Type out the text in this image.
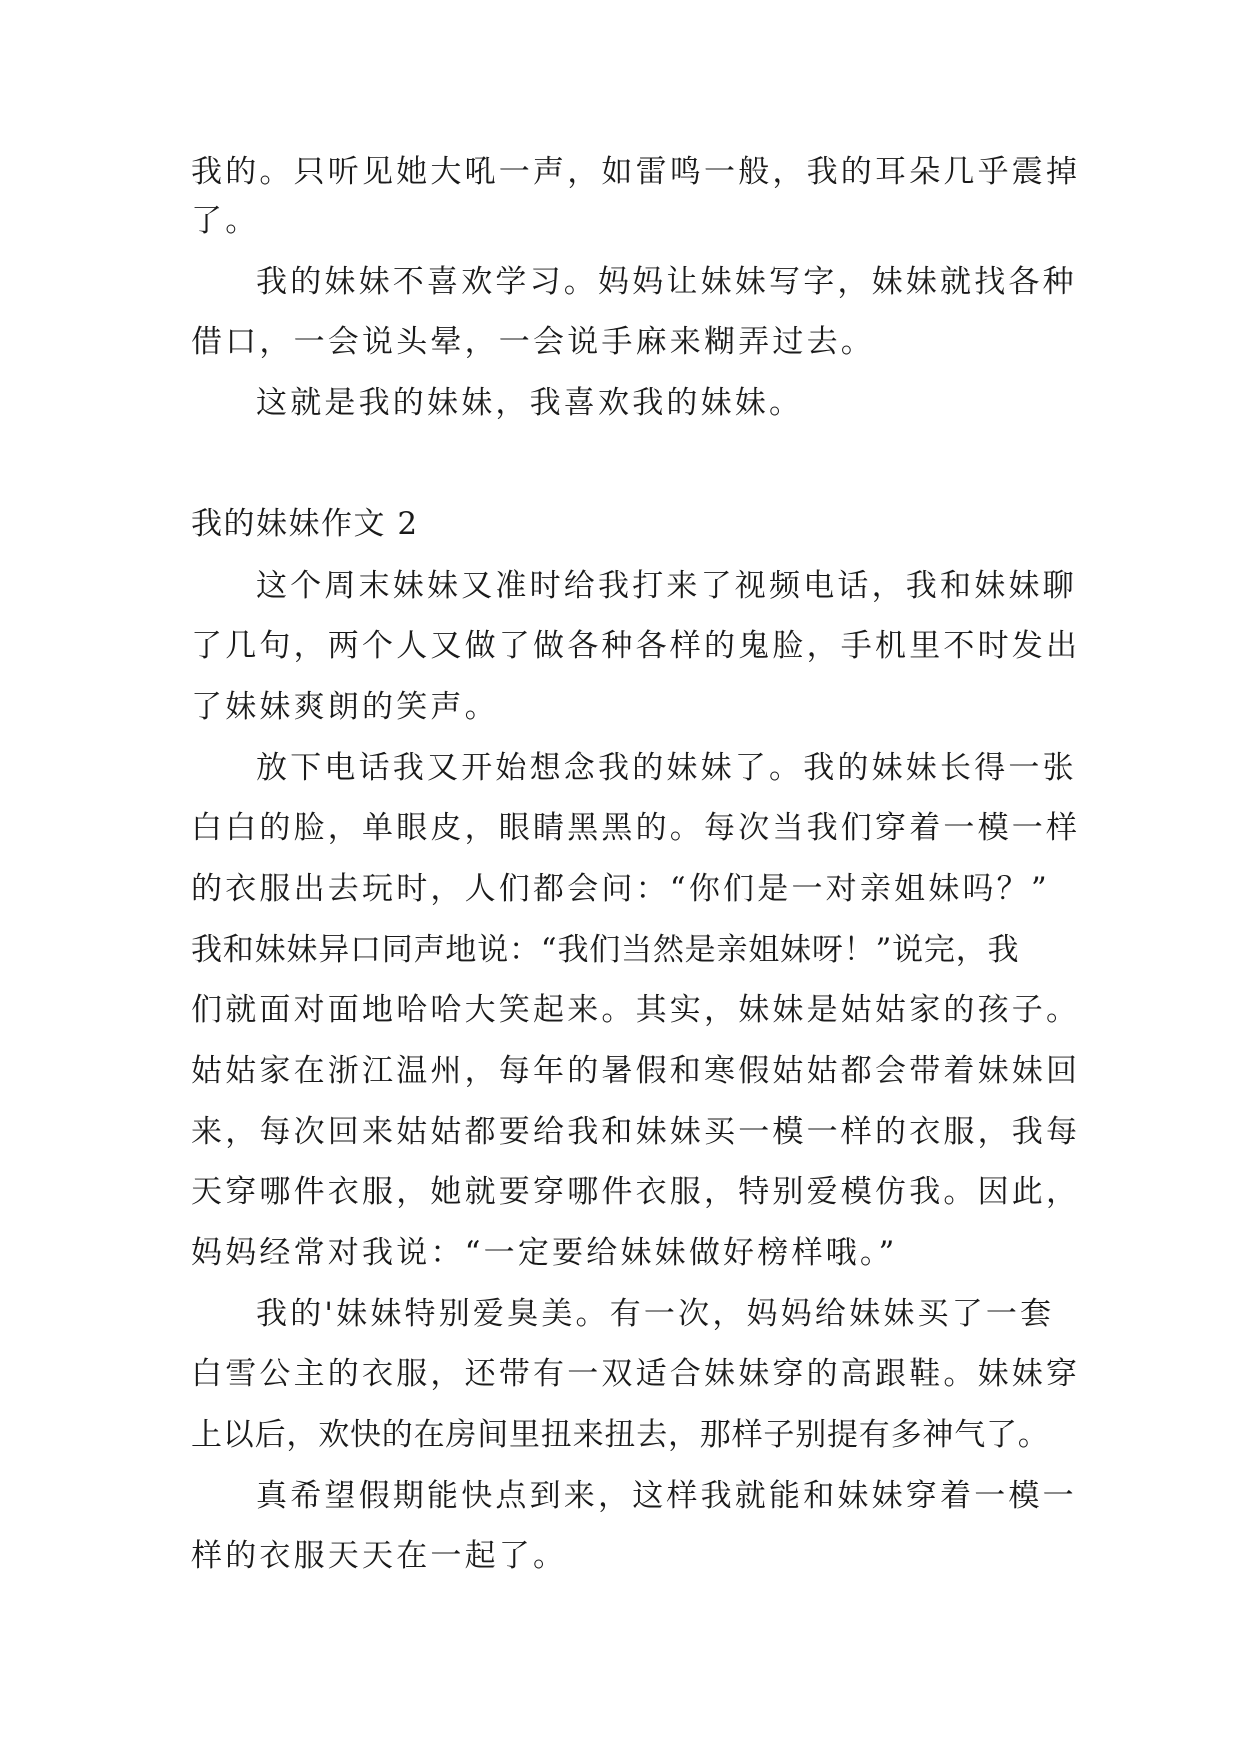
我的。只听见她大吼一声，如雷鸣一般，我的耳朵几乎震掉
了。
我的妹妹不喜欢学习。妈妈让妹妹写字，妹妹就找各种
借口，一会说头晕，一会说手麻来糊弄过去。
这就是我的妹妹，我喜欢我的妹妹。
我的妹妹作文 2
这个周末妹妹又准时给我打来了视频电话，我和妹妹聊
了几句，两个人又做了做各种各样的鬼脸，手机里不时发出
了妹妹爽朗的笑声。
放下电话我又开始想念我的妹妹了。我的妹妹长得一张
白白的脸，单眼皮，眼睛黑黑的。每次当我们穿着一模一样
的衣服出去玩时，人们都会问：“你们是一对亲姐妹吗？”
我和妹妹异口同声地说：“我们当然是亲姐妹呀！”说完，我
们就面对面地哈哈大笑起来。其实，妹妹是姑姑家的孩子。
姑姑家在浙江温州，每年的暑假和寒假姑姑都会带着妹妹回
来，每次回来姑姑都要给我和妹妹买一模一样的衣服，我每
天穿哪件衣服，她就要穿哪件衣服，特别爱模仿我。因此，
妈妈经常对我说：“一定要给妹妹做好榜样哦。”
我的'妹妹特别爱臭美。有一次，妈妈给妹妹买了一套
白雪公主的衣服，还带有一双适合妹妹穿的高跟鞋。妹妹穿
上以后，欢快的在房间里扭来扭去，那样子别提有多神气了。
真希望假期能快点到来，这样我就能和妹妹穿着一模一
样的衣服天天在一起了。
